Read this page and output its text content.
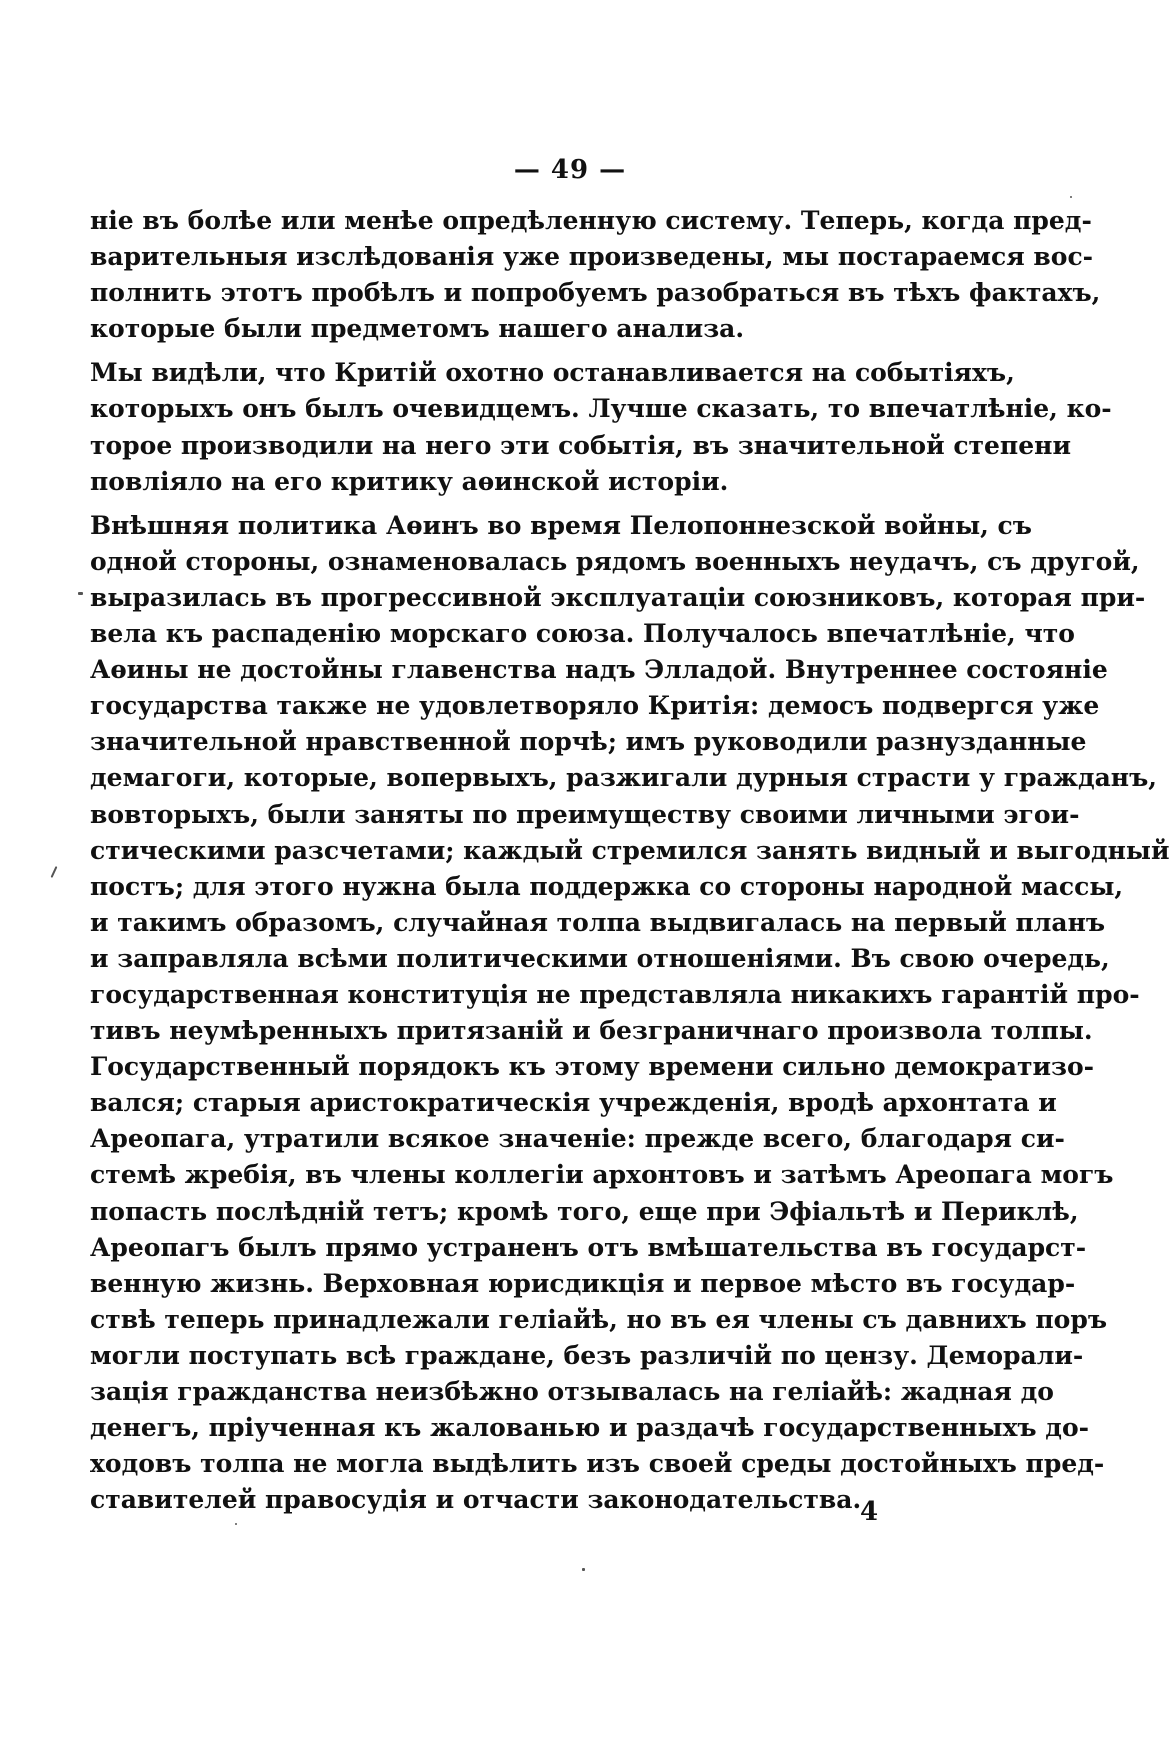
— 49 —
ніе въ болѣе или менѣе опредѣленную систему. Теперь, когда пред-
варительныя изслѣдованія уже произведены, мы постараемся вос-
полнить этотъ пробѣлъ и попробуемъ разобраться въ тѣхъ фактахъ,
которые были предметомъ нашего анализа.
Мы видѣли, что Критій охотно останавливается на событіяхъ,
которыхъ онъ былъ очевидцемъ. Лучше сказать, то впечатлѣніе, ко-
торое производили на него эти событія, въ значительной степени
повліяло на его критику аѳинской исторіи.
Внѣшняя политика Аѳинъ во время Пелопоннезской войны, съ
одной стороны, ознаменовалась рядомъ военныхъ неудачъ, съ другой,
выразилась въ прогрессивной эксплуатаціи союзниковъ, которая при-
вела къ распаденію морскаго союза. Получалось впечатлѣніе, что
Аѳины не достойны главенства надъ Элладой. Внутреннее состояніе
государства также не удовлетворяло Критія: демосъ подвергся уже
значительной нравственной порчѣ; имъ руководили разнузданные
демагоги, которые, вопервыхъ, разжигали дурныя страсти у гражданъ,
вовторыхъ, были заняты по преимуществу своими личными эгои-
стическими разсчетами; каждый стремился занять видный и выгодный
постъ; для этого нужна была поддержка со стороны народной массы,
и такимъ образомъ, случайная толпа выдвигалась на первый планъ
и заправляла всѣми политическими отношеніями. Въ свою очередь,
государственная конституція не представляла никакихъ гарантій про-
тивъ неумѣренныхъ притязаній и безграничнаго произвола толпы.
Государственный порядокъ къ этому времени сильно демократизо-
вался; старыя аристократическія учрежденія, вродѣ архонтата и
Ареопага, утратили всякое значеніе: прежде всего, благодаря си-
стемѣ жребія, въ члены коллегіи архонтовъ и затѣмъ Ареопага могъ
попасть послѣдній тетъ; кромѣ того, еще при Эфіальтѣ и Периклѣ,
Ареопагъ былъ прямо устраненъ отъ вмѣшательства въ государст-
венную жизнь. Верховная юрисдикція и первое мѣсто въ государ-
ствѣ теперь принадлежали геліайѣ, но въ ея члены съ давнихъ поръ
могли поступать всѣ граждане, безъ различій по цензу. Деморали-
зація гражданства неизбѣжно отзывалась на геліайѣ: жадная до
денегъ, пріученная къ жалованью и раздачѣ государственныхъ до-
ходовъ толпа не могла выдѣлить изъ своей среды достойныхъ пред-
ставителей правосудія и отчасти законодательства.
4
